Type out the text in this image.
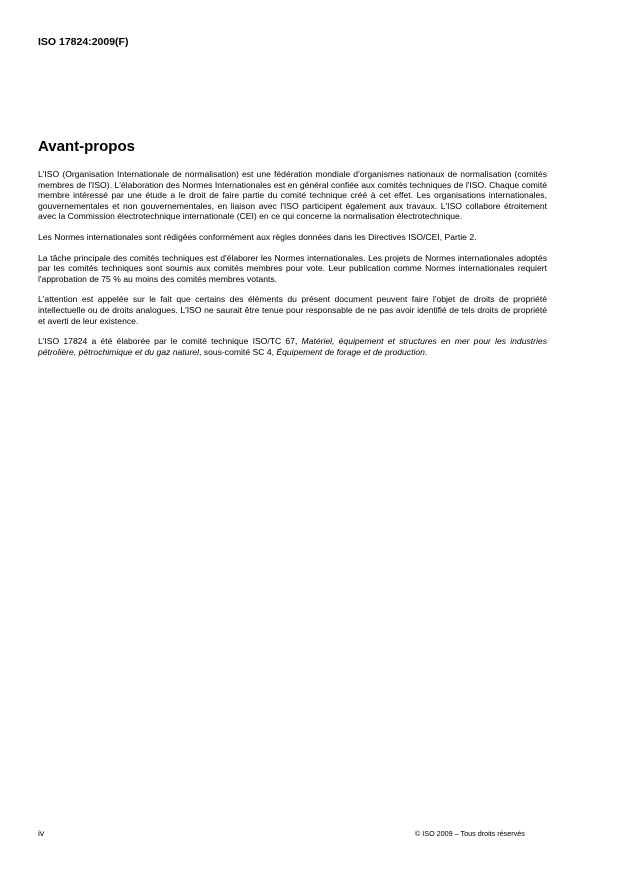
ISO 17824:2009(F)
Avant-propos

L'ISO (Organisation Internationale de normalisation) est une fédération mondiale d'organismes nationaux de normalisation (comités membres de l'ISO). L'élaboration des Normes Internationales est en général confiée aux comités techniques de l'ISO. Chaque comité membre intéressé par une étude a le droit de faire partie du comité technique créé à cet effet. Les organisations internationales, gouvernementales et non gouvernementales, en liaison avec l'ISO participent également aux travaux. L'ISO collabore étroitement avec la Commission électrotechnique internationale (CEI) en ce qui concerne la normalisation électrotechnique.

Les Normes internationales sont rédigées conformément aux règles données dans les Directives ISO/CEI, Partie 2.

La tâche principale des comités techniques est d'élaborer les Normes internationales. Les projets de Normes internationales adoptés par les comités techniques sont soumis aux comités membres pour vote. Leur publication comme Normes internationales requiert l'approbation de 75 % au moins des comités membres votants.

L'attention est appelée sur le fait que certains des éléments du présent document peuvent faire l'objet de droits de propriété intellectuelle ou de droits analogues. L'ISO ne saurait être tenue pour responsable de ne pas avoir identifié de tels droits de propriété et averti de leur existence.

L'ISO 17824 a été élaborée par le comité technique ISO/TC 67, Matériel, équipement et structures en mer pour les industries pétrolière, pétrochimique et du gaz naturel, sous-comité SC 4, Équipement de forage et de production.

iv	© ISO 2009 – Tous droits réservés
